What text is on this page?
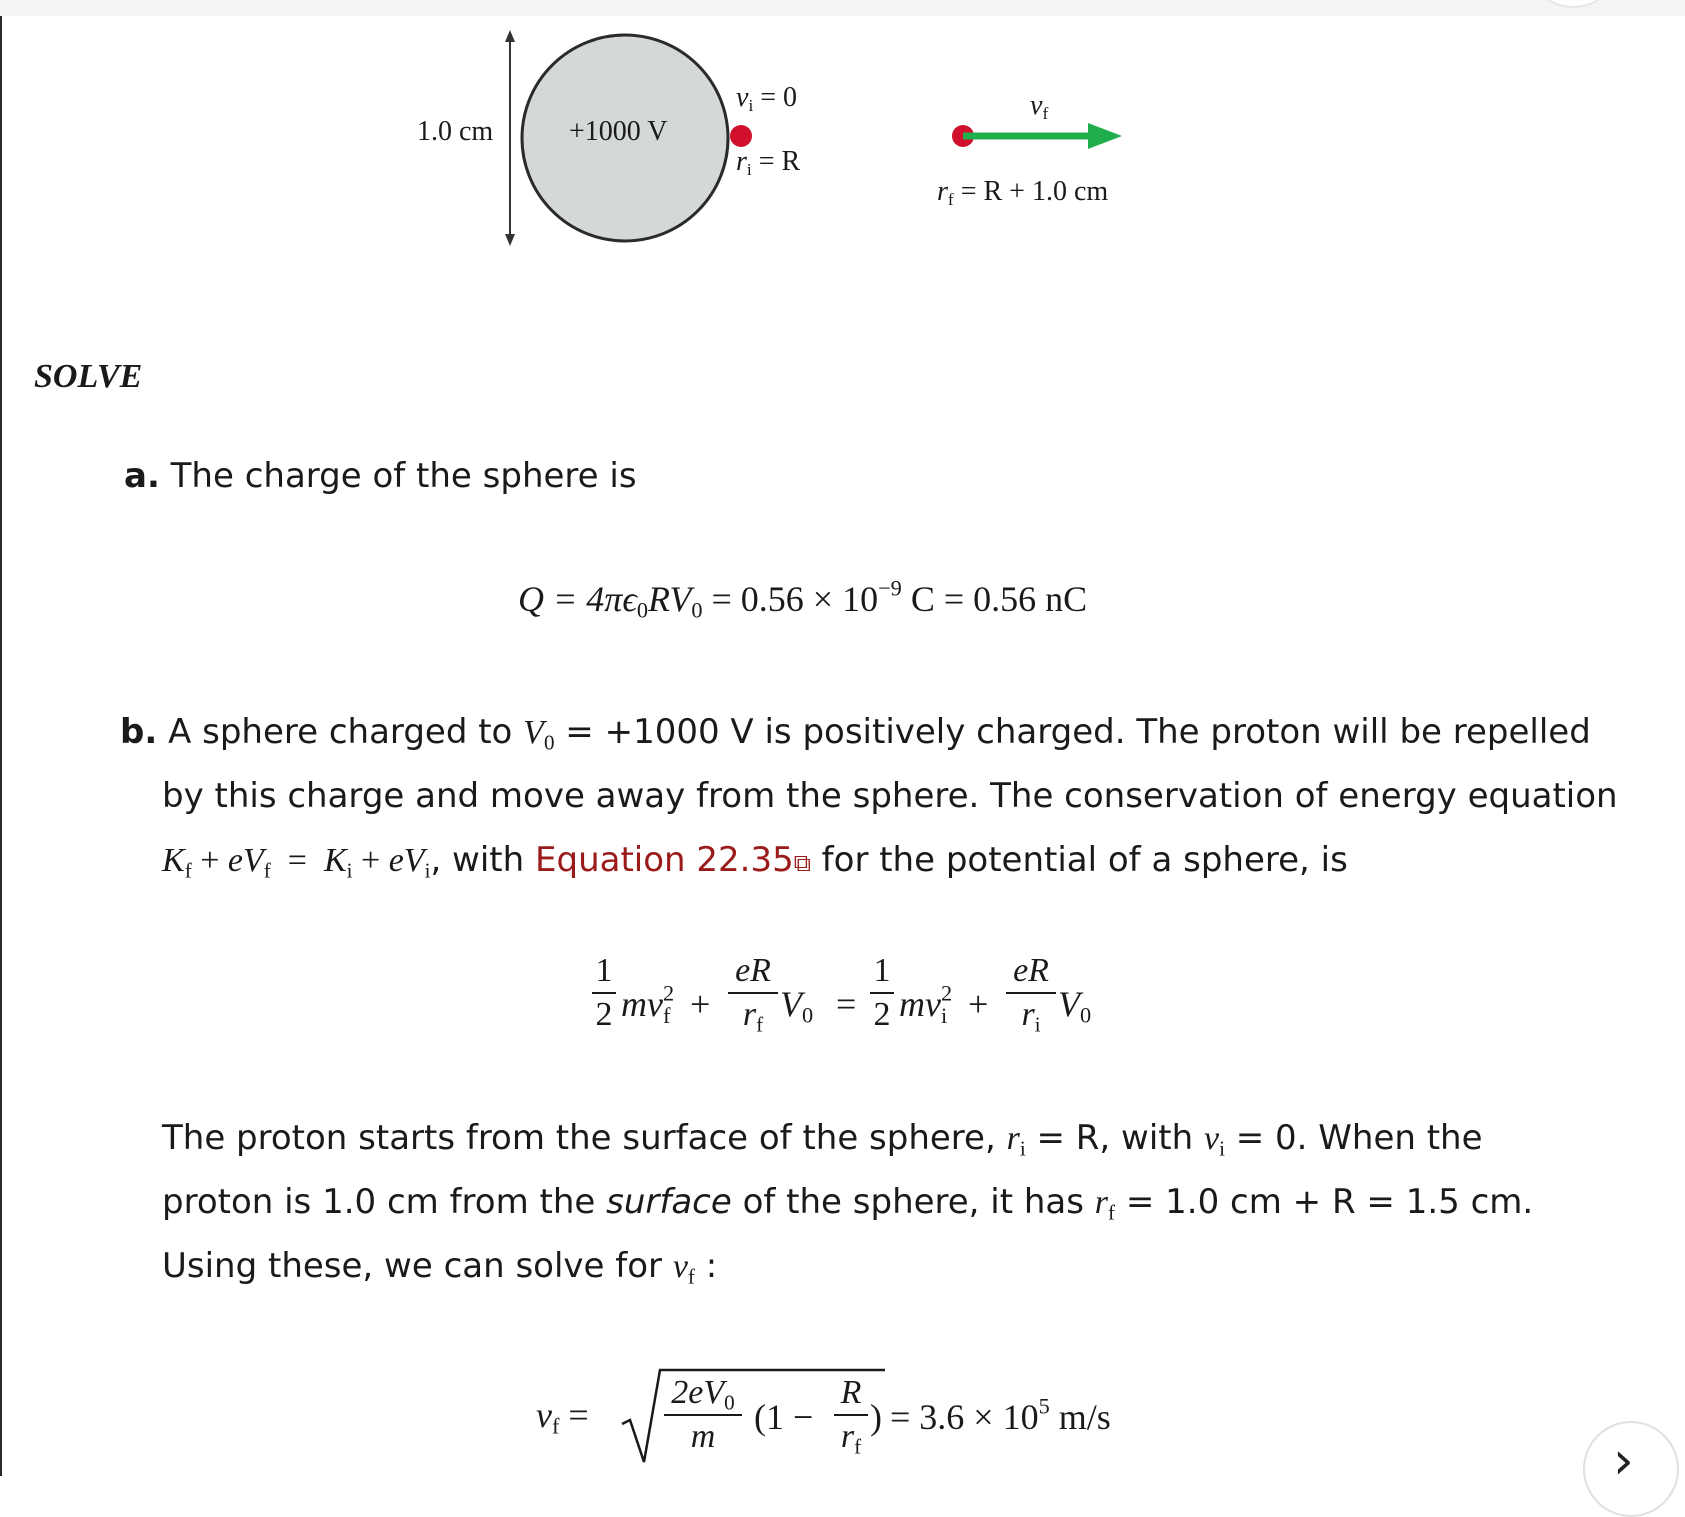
1.0 cm	+1000 V
$v_i = 0$
$r_i = R$
$v_f$
$r_f = R + 1.0$ cm
SOLVE
a. The charge of the sphere is
$Q = 4\pi\epsilon_0RV_0 = 0.56 \times 10^{-9}$ C = 0.56 nC
b. A sphere charged to $V_0 = +1000$ V is positively charged. The proton will be repelled
by this charge and move away from the sphere. The conservation of energy equation
$K_f + eV_f = K_i + eV_i$, with Equation 22.35⧉ for the potential of a sphere, is
1
2 $mv^2_f$ +
eR
$r_f$
$V_0$ =
1
2 $mv^2_i$ +
eR
$r_i$
$V_0$
The proton starts from the surface of the sphere, $r_i = R$, with $v_i = 0$. When the
proton is 1.0 cm from the surface of the sphere, it has $r_f = 1.0$ cm + R = 1.5 cm.
Using these, we can solve for $v_f$ :
$v_f$ =
$2eV_0$
m	(1 −
R
$r_f$
) = $3.6 \times 10^5$ m/s
›
